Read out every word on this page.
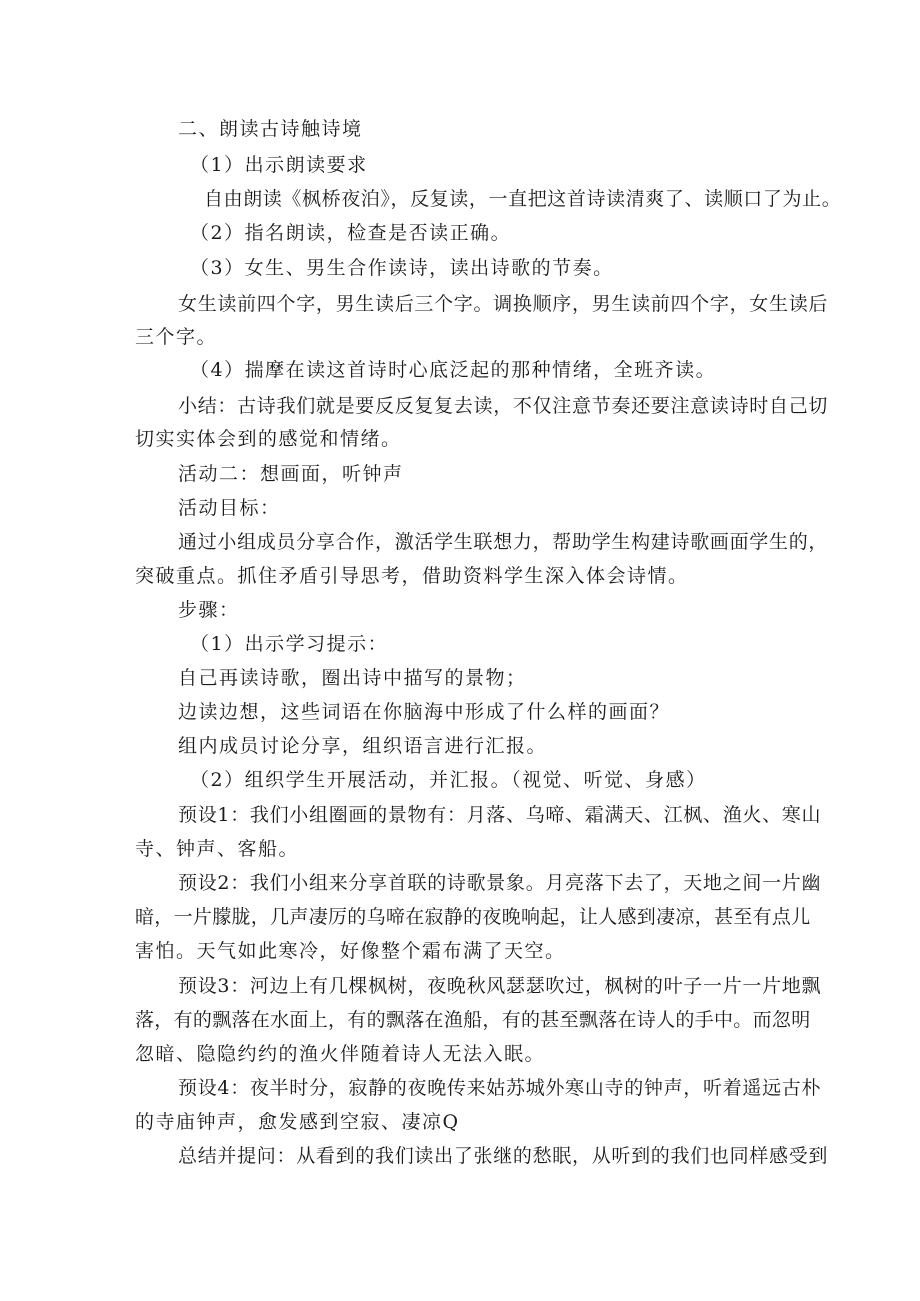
二、朗读古诗触诗境
（1）出示朗读要求
自由朗读《枫桥夜泊》，反复读，一直把这首诗读清爽了、读顺口了为止。
（2）指名朗读，检查是否读正确。
（3）女生、男生合作读诗，读出诗歌的节奏。
女生读前四个字，男生读后三个字。调换顺序，男生读前四个字，女生读后
三个字。
（4）揣摩在读这首诗时心底泛起的那种情绪，全班齐读。
小结：古诗我们就是要反反复复去读，不仅注意节奏还要注意读诗时自己切
切实实体会到的感觉和情绪。
活动二：想画面，听钟声
活动目标：
通过小组成员分享合作，激活学生联想力，帮助学生构建诗歌画面学生的，
突破重点。抓住矛盾引导思考，借助资料学生深入体会诗情。
步骤：
（1）出示学习提示：
自己再读诗歌，圈出诗中描写的景物；
边读边想，这些词语在你脑海中形成了什么样的画面？
组内成员讨论分享，组织语言进行汇报。
（2）组织学生开展活动，并汇报。（视觉、听觉、身感）
预设1：我们小组圈画的景物有：月落、乌啼、霜满天、江枫、渔火、寒山
寺、钟声、客船。
预设2：我们小组来分享首联的诗歌景象。月亮落下去了，天地之间一片幽
暗，一片朦胧，几声凄厉的乌啼在寂静的夜晚响起，让人感到凄凉，甚至有点儿
害怕。天气如此寒冷，好像整个霜布满了天空。
预设3：河边上有几棵枫树，夜晚秋风瑟瑟吹过，枫树的叶子一片一片地飘
落，有的飘落在水面上，有的飘落在渔船，有的甚至飘落在诗人的手中。而忽明
忽暗、隐隐约约的渔火伴随着诗人无法入眠。
预设4：夜半时分，寂静的夜晚传来姑苏城外寒山寺的钟声，听着遥远古朴
的寺庙钟声，愈发感到空寂、凄凉Q
总结并提问：从看到的我们读出了张继的愁眠，从听到的我们也同样感受到
